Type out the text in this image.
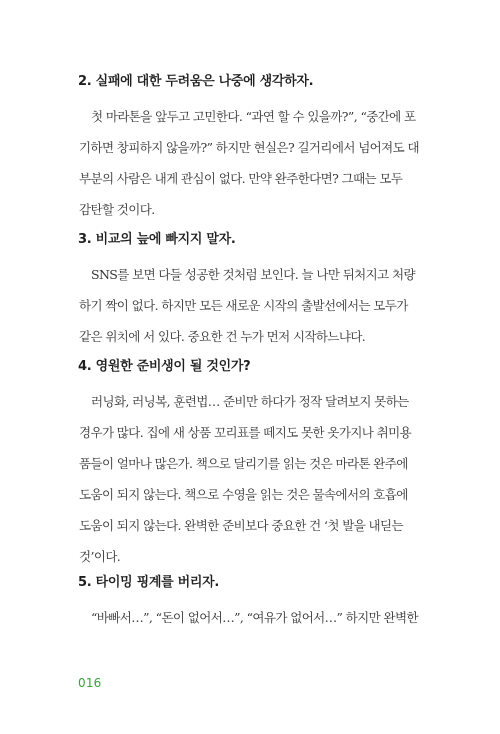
2. 실패에 대한 두려움은 나중에 생각하자.

첫 마라톤을 앞두고 고민한다. “과연 할 수 있을까?”, “중간에 포
기하면 창피하지 않을까?” 하지만 현실은? 길거리에서 넘어져도 대
부분의 사람은 내게 관심이 없다. 만약 완주한다면? 그때는 모두
감탄할 것이다.

3. 비교의 늪에 빠지지 말자.

SNS를 보면 다들 성공한 것처럼 보인다. 늘 나만 뒤처지고 처량
하기 짝이 없다. 하지만 모든 새로운 시작의 출발선에서는 모두가
같은 위치에 서 있다. 중요한 건 누가 먼저 시작하느냐다.

4. 영원한 준비생이 될 것인가?

러닝화, 러닝복, 훈련법… 준비만 하다가 정작 달려보지 못하는
경우가 많다. 집에 새 상품 꼬리표를 떼지도 못한 옷가지나 취미용
품들이 얼마나 많은가. 책으로 달리기를 읽는 것은 마라톤 완주에
도움이 되지 않는다. 책으로 수영을 읽는 것은 물속에서의 호흡에
도움이 되지 않는다. 완벽한 준비보다 중요한 건 ‘첫 발을 내딛는
것’이다.

5. 타이밍 핑계를 버리자.

“바빠서…”, “돈이 없어서…”, “여유가 없어서…” 하지만 완벽한

016
